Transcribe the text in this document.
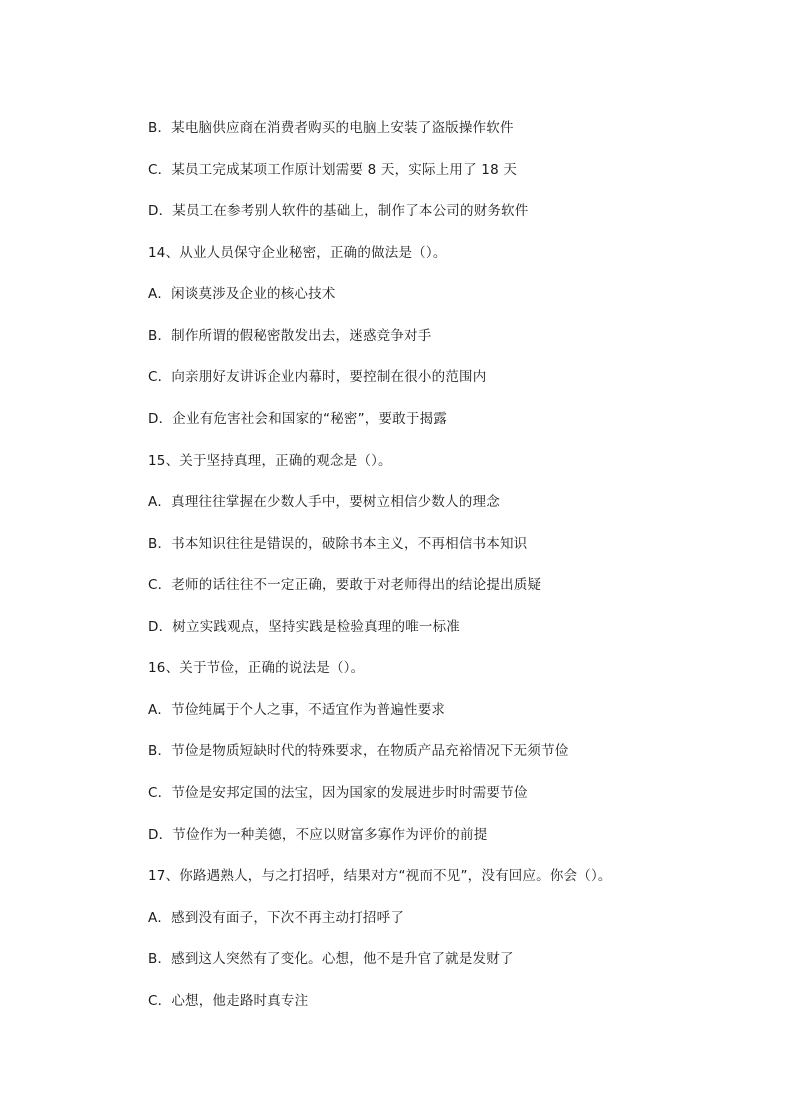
B．某电脑供应商在消费者购买的电脑上安装了盗版操作软件
C．某员工完成某项工作原计划需要 8 天，实际上用了 18 天
D．某员工在参考别人软件的基础上，制作了本公司的财务软件
14、从业人员保守企业秘密，正确的做法是（）。
A．闲谈莫涉及企业的核心技术
B．制作所谓的假秘密散发出去，迷惑竞争对手
C．向亲朋好友讲诉企业内幕时，要控制在很小的范围内
D．企业有危害社会和国家的“秘密”，要敢于揭露
15、关于坚持真理，正确的观念是（）。
A．真理往往掌握在少数人手中，要树立相信少数人的理念
B．书本知识往往是错误的，破除书本主义，不再相信书本知识
C．老师的话往往不一定正确，要敢于对老师得出的结论提出质疑
D．树立实践观点，坚持实践是检验真理的唯一标准
16、关于节俭，正确的说法是（）。
A．节俭纯属于个人之事，不适宜作为普遍性要求
B．节俭是物质短缺时代的特殊要求，在物质产品充裕情况下无须节俭
C．节俭是安邦定国的法宝，因为国家的发展进步时时需要节俭
D．节俭作为一种美德，不应以财富多寡作为评价的前提
17、你路遇熟人，与之打招呼，结果对方“视而不见”，没有回应。你会（）。
A．感到没有面子，下次不再主动打招呼了
B．感到这人突然有了变化。心想，他不是升官了就是发财了
C．心想，他走路时真专注
